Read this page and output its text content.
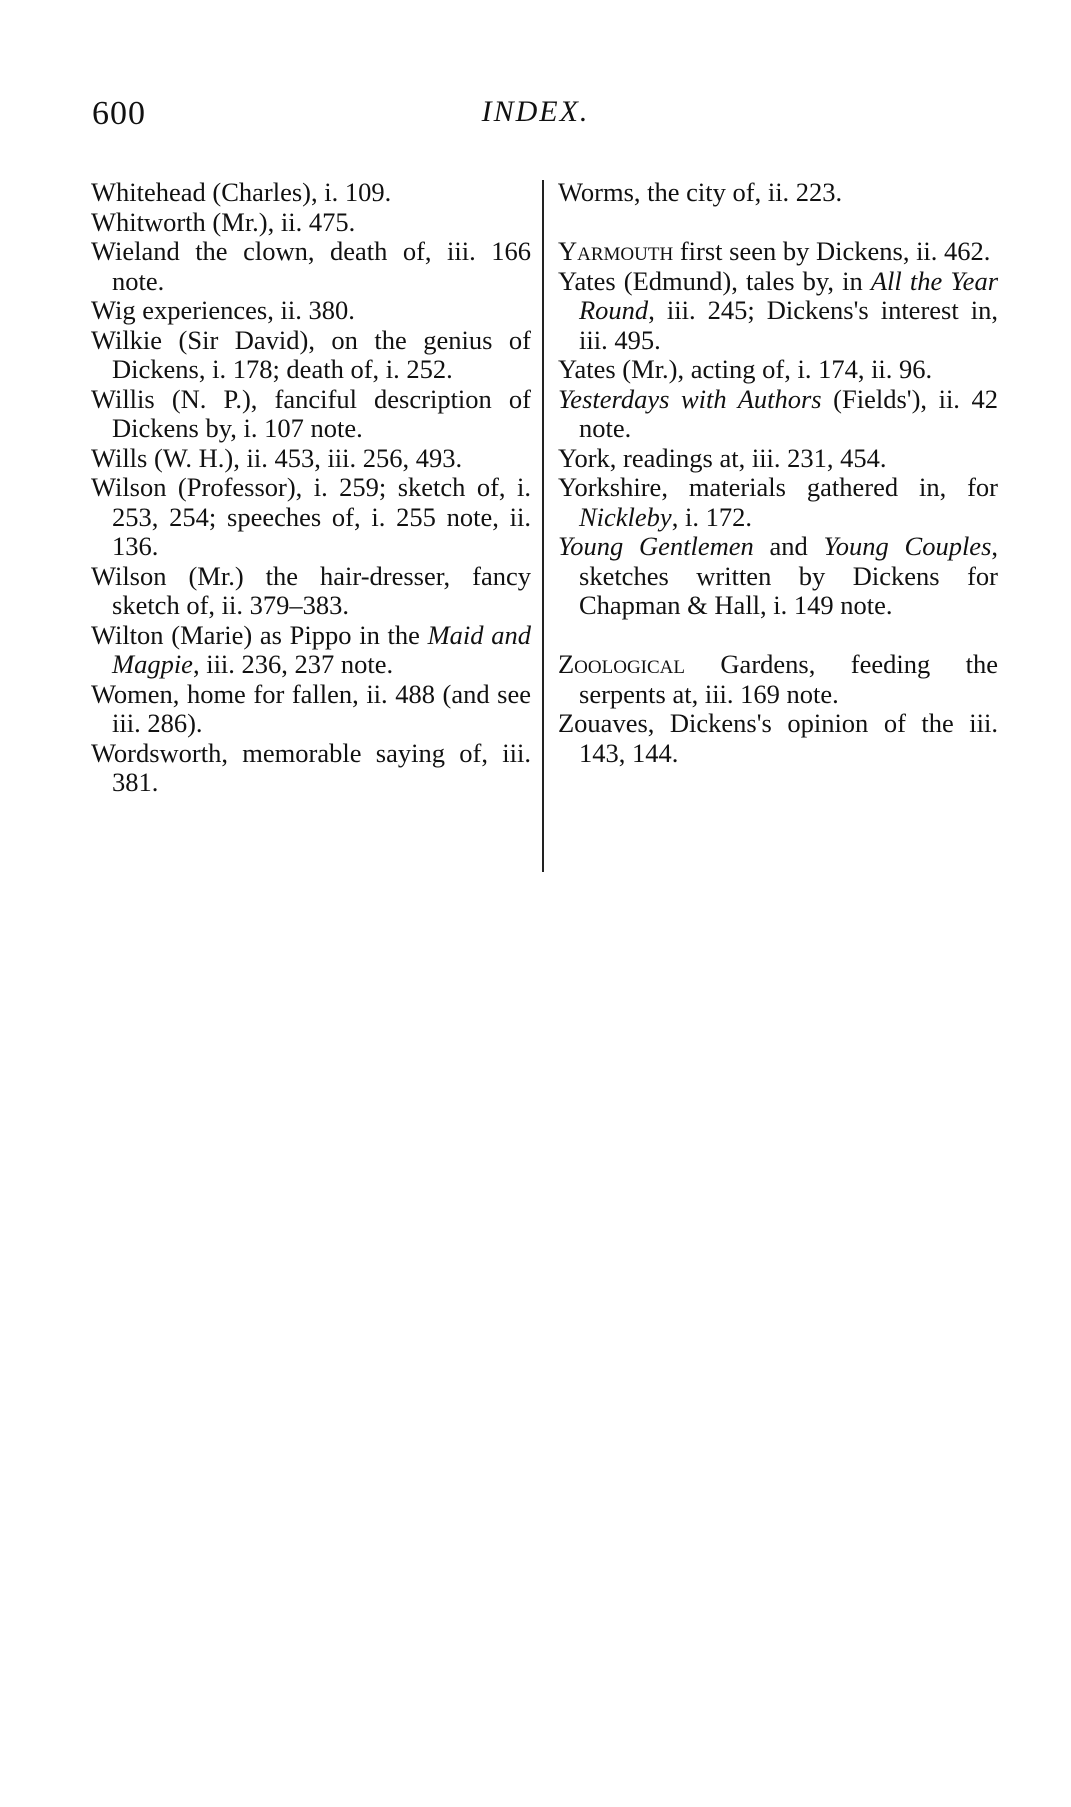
600	INDEX.
Whitehead (Charles), i. 109.
Whitworth (Mr.), ii. 475.
Wieland the clown, death of, iii. 166 note.
Wig experiences, ii. 380.
Wilkie (Sir David), on the genius of Dickens, i. 178; death of, i. 252.
Willis (N. P.), fanciful description of Dickens by, i. 107 note.
Wills (W. H.), ii. 453, iii. 256, 493.
Wilson (Professor), i. 259; sketch of, i. 253, 254; speeches of, i. 255 note, ii. 136.
Wilson (Mr.) the hair-dresser, fancy sketch of, ii. 379–383.
Wilton (Marie) as Pippo in the Maid and Magpie, iii. 236, 237 note.
Women, home for fallen, ii. 488 (and see iii. 286).
Wordsworth, memorable saying of, iii. 381.
Worms, the city of, ii. 223.
Yarmouth first seen by Dickens, ii. 462.
Yates (Edmund), tales by, in All the Year Round, iii. 245; Dickens's interest in, iii. 495.
Yates (Mr.), acting of, i. 174, ii. 96.
Yesterdays with Authors (Fields'), ii. 42 note.
York, readings at, iii. 231, 454.
Yorkshire, materials gathered in, for Nickleby, i. 172.
Young Gentlemen and Young Couples, sketches written by Dickens for Chapman & Hall, i. 149 note.
Zoological Gardens, feeding the serpents at, iii. 169 note.
Zouaves, Dickens's opinion of the iii. 143, 144.
